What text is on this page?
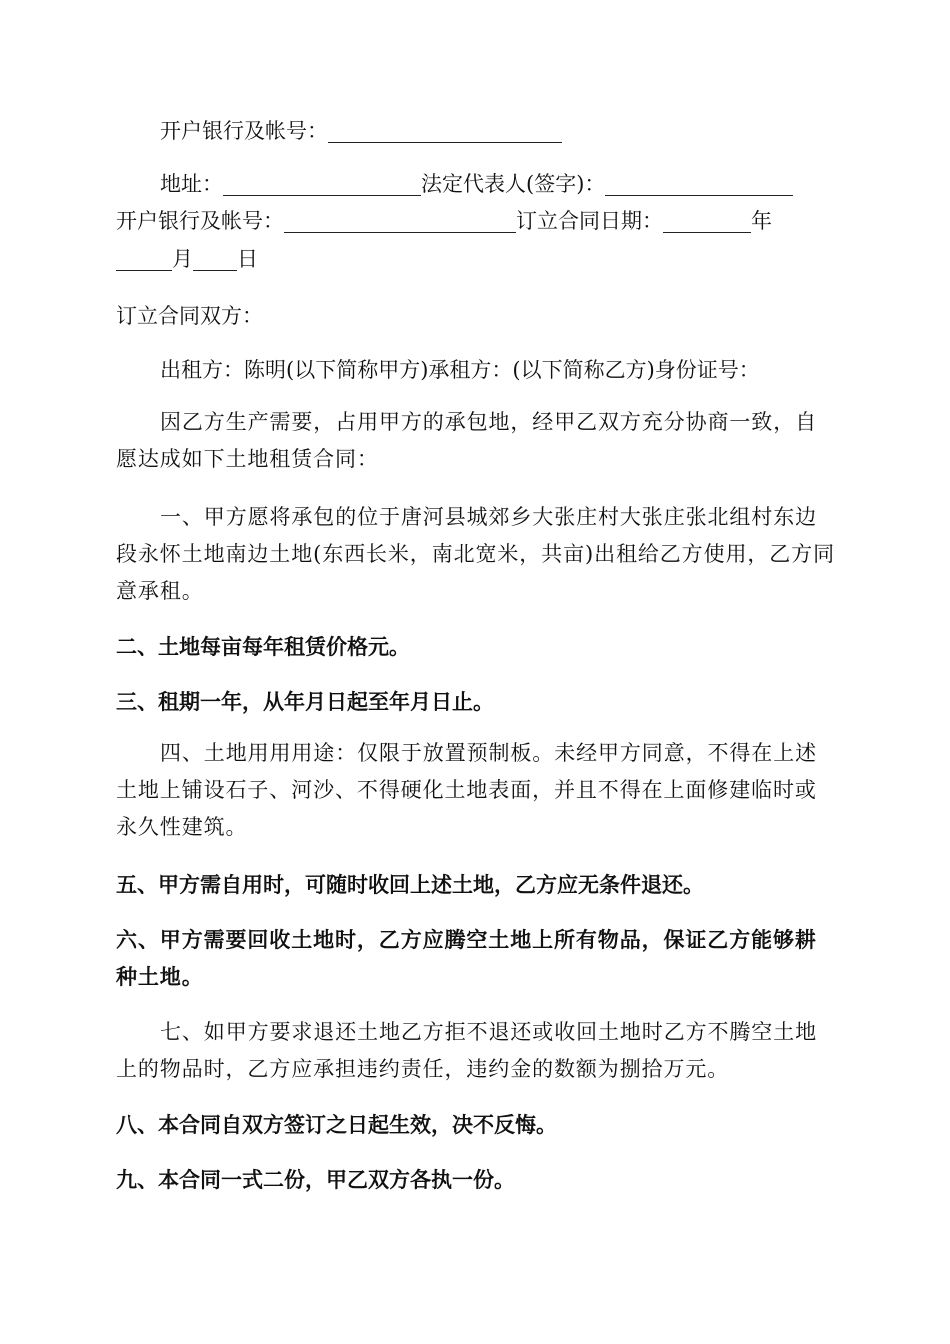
开户银行及帐号：

地址：	法定代表人(签字)：

开户银行及帐号：	订立合同日期：	年

月 日

订立合同双方：

出租方：陈明(以下简称甲方)承租方：(以下简称乙方)身份证号：

因乙方生产需要，占用甲方的承包地，经甲乙双方充分协商一致，自愿达成如下土地租赁合同：

一、甲方愿将承包的位于唐河县城郊乡大张庄村大张庄张北组村东边段永怀土地南边土地(东西长米，南北宽米，共亩)出租给乙方使用，乙方同意承租。

二、土地每亩每年租赁价格元。

三、租期一年，从年月日起至年月日止。

四、土地用用用途：仅限于放置预制板。未经甲方同意，不得在上述土地上铺设石子、河沙、不得硬化土地表面，并且不得在上面修建临时或永久性建筑。

五、甲方需自用时，可随时收回上述土地，乙方应无条件退还。

六、甲方需要回收土地时，乙方应腾空土地上所有物品，保证乙方能够耕种土地。

七、如甲方要求退还土地乙方拒不退还或收回土地时乙方不腾空土地上的物品时，乙方应承担违约责任，违约金的数额为捌拾万元。

八、本合同自双方签订之日起生效，决不反悔。

九、本合同一式二份，甲乙双方各执一份。
